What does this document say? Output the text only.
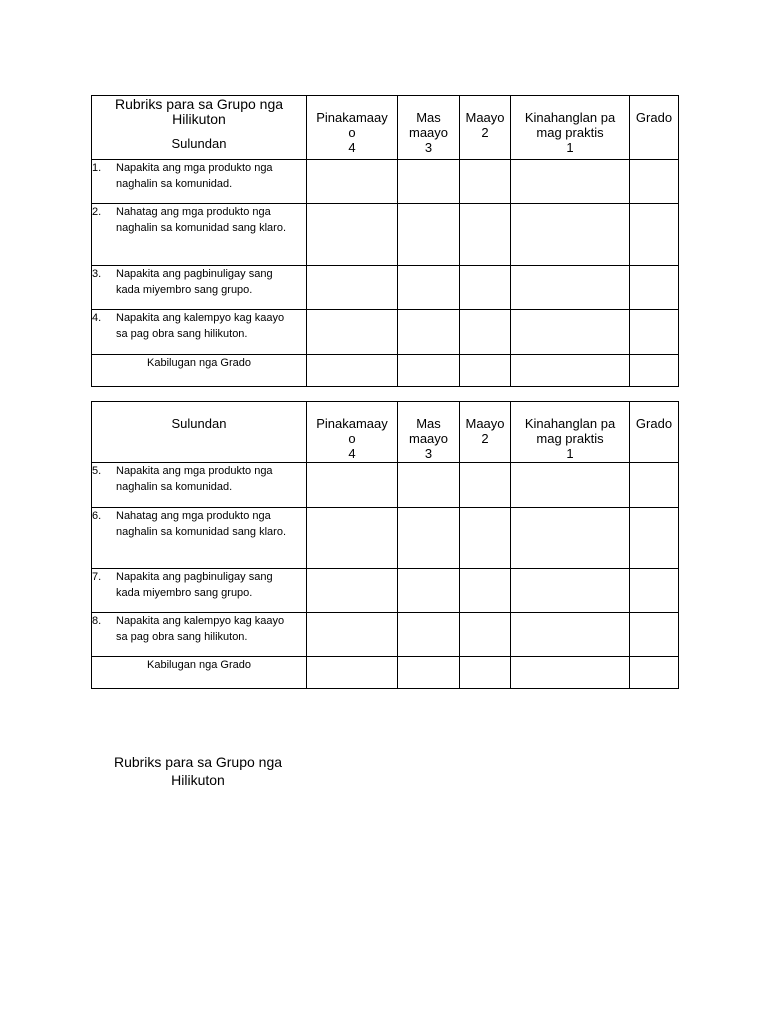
Rubriks para sa Grupo nga
Hilikuton
Sulundan	Pinakamaay
o
4	Mas
maayo
3	Maayo
2	Kinahanglan pa
mag praktis
1	Grado

1. Napakita ang mga produkto nga naghalin sa komunidad.					
2. Nahatag ang mga produkto nga naghalin sa komunidad sang klaro.					
3. Napakita ang pagbinuligay sang kada miyembro sang grupo.					
4. Napakita ang kalempyo kag kaayo sa pag obra sang hilikuton.					
Kabilugan nga Grado					
Sulundan	Pinakamaay
o
4	Mas
maayo
3	Maayo
2	Kinahanglan pa
mag praktis
1	Grado

5. Napakita ang mga produkto nga naghalin sa komunidad.					
6. Nahatag ang mga produkto nga naghalin sa komunidad sang klaro.					
7. Napakita ang pagbinuligay sang kada miyembro sang grupo.					
8. Napakita ang kalempyo kag kaayo sa pag obra sang hilikuton.					
Kabilugan nga Grado					
Rubriks para sa Grupo nga
Hilikuton
